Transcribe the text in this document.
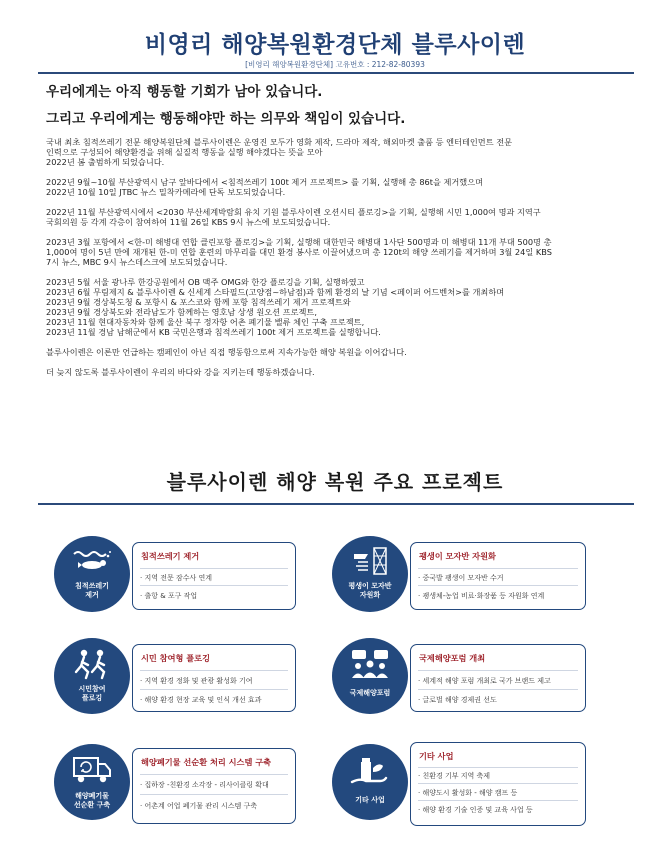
비영리 해양복원환경단체 블루사이렌
[비영리 해양복원환경단체] 고유번호 : 212-82-80393
우리에게는 아직 행동할 기회가 남아 있습니다.
그리고 우리에게는 행동해야만 하는 의무와 책임이 있습니다.
국내 최초 침적쓰레기 전문 해양복원단체 블루사이렌은 운영진 모두가 영화 제작, 드라마 제작, 해외마켓 출품 등 엔터테인먼트 전문
인력으로 구성되어 해양환경을 위해 실질적 행동을 실행 해야겠다는 뜻을 모아
2022년 봄 출범하게 되었습니다.
2022년 9월~10월 부산광역시 남구 앞바다에서 <침적쓰레기 100t 제거 프로젝트> 를 기획, 실행해 총 86t을 제거했으며
2022년 10월 10일 JTBC 뉴스 밀착카메라에 단독 보도되었습니다.
2022년 11월 부산광역시에서 <2030 부산세계박람회 유치 기원 블루사이렌 오션시티 플로깅>을 기획, 실행해 시민 1,000여 명과 지역구
국회의원 등 각계 각층이 참여하여 11월 26일 KBS 9시 뉴스에 보도되었습니다.
2023년 3월 포항에서 <한-미 해병대 연합 클린포항 플로깅>을 기획, 실행해 대한민국 해병대 1사단 500명과 미 해병대 11개 부대 500명 총
1,000여 명이 5년 만에 재개된 한-미 연합 훈련의 마무리를 대민 환경 봉사로 이끌어냈으며 총 120t의 해양 쓰레기를 제거하며 3월 24일 KBS
7시 뉴스, MBC 9시 뉴스데스크에 보도되었습니다.
2023년 5월 서울 광나루 한강공원에서 OB 맥주 OMG와 한강 플로깅을 기획, 실행하였고
2023년 6월 무림제지 & 블루사이렌 & 신세계 스타필드(고양점~하남점)과 함께 환경의 날 기념 <페이퍼 어드벤처>를 개최하며
2023년 9월 경상북도청 & 포항시 & 포스코와 함께 포항 침적쓰레기 제거 프로젝트와
2023년 9월 경상북도와 전라남도가 함께하는 영호남 상생 원오션 프로젝트,
2023년 11월 현대자동차와 함께 울산 북구 정자항 어촌 폐기물 밸류 체인 구축 프로젝트,
2023년 11월 경남 남해군에서 KB 국민은행과 침적쓰레기 100t 제거 프로젝트를 실행합니다.
블루사이렌은 이론만 언급하는 캠페인이 아닌 직접 행동함으로써 지속가능한 해양 복원을 이어갑니다.
더 늦지 않도록 블루사이렌이 우리의 바다와 강을 지키는데 행동하겠습니다.
블루사이렌 해양 복원 주요 프로젝트
침적쓰레기
제거
침적쓰레기 제거
· 지역 전문 잠수사 연계
· 출항 & 포구 작업
평생이 모자반
자원화
괭생이 모자반 자원화
· 중국발 괭생이 모자반 수거
· 괭생체-농업 비료·화장품 등 자원화 연계
시민참여
플로깅
시민 참여형 플로깅
· 지역 환경 정화 및 관광 활성화 기여
· 해양 환경 현장 교육 및 인식 개선 효과
국제해양포럼
국제해양포럼 개최
· 세계적 해양 포럼 개최로 국가 브랜드 제고
· 글로벌 해양 경제권 선도
해양폐기물
선순환 구축
해양폐기물 선순환 처리 시스템 구축
· 집하장 -친환경 소각장 - 리사이클링 확대
· 어촌계 어업 폐기물 관리 시스템 구축
기타 사업
기타 사업
· 친환경 기부 지역 축제
· 해양도시 활성화 - 해양 캠프 등
· 해양 환경 기술 인증 및 교육 사업 등
